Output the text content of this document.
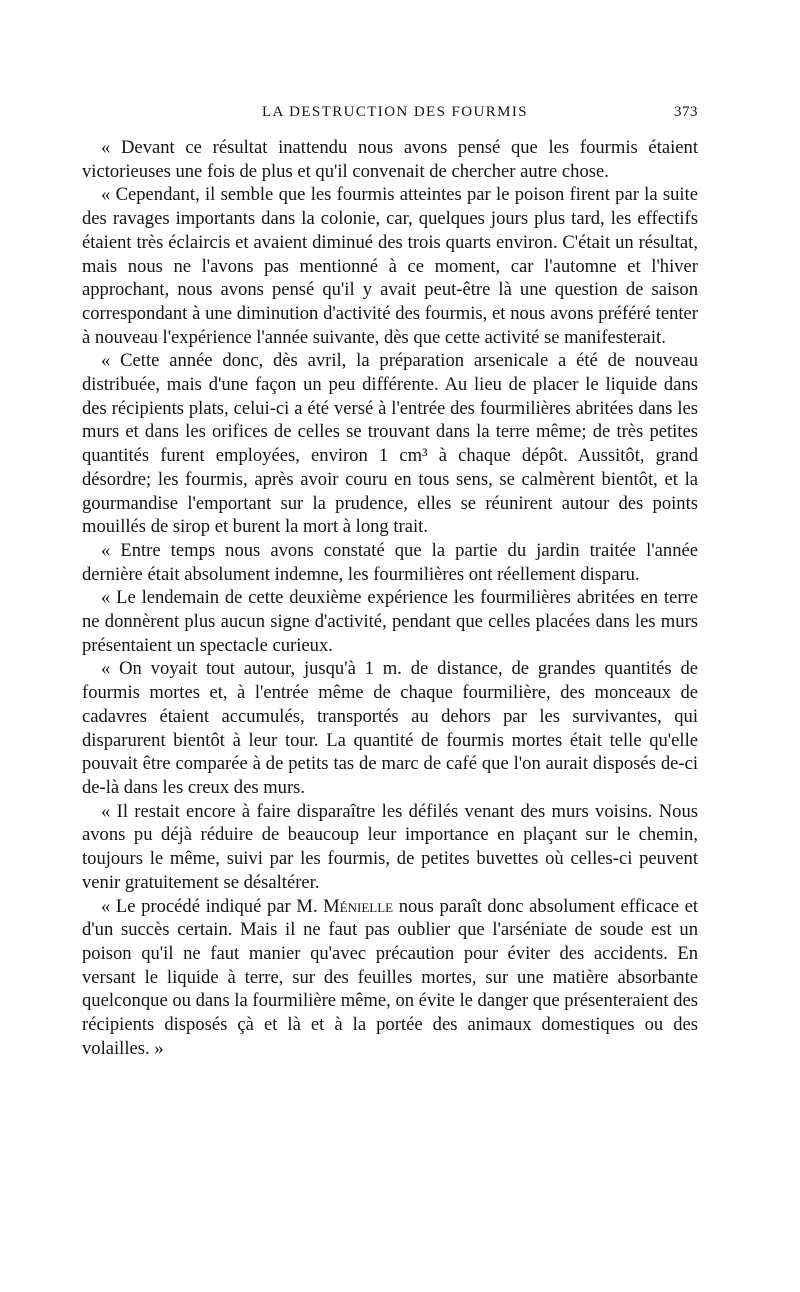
LA DESTRUCTION DES FOURMIS	373

« Devant ce résultat inattendu nous avons pensé que les fourmis étaient victorieuses une fois de plus et qu'il convenait de chercher autre chose.

« Cependant, il semble que les fourmis atteintes par le poison firent par la suite des ravages importants dans la colonie, car, quelques jours plus tard, les effectifs étaient très éclaircis et avaient diminué des trois quarts environ. C'était un résultat, mais nous ne l'avons pas mentionné à ce moment, car l'automne et l'hiver approchant, nous avons pensé qu'il y avait peut-être là une question de saison correspondant à une diminution d'activité des fourmis, et nous avons préféré tenter à nouveau l'expérience l'année suivante, dès que cette activité se manifesterait.

« Cette année donc, dès avril, la préparation arsenicale a été de nouveau distribuée, mais d'une façon un peu différente. Au lieu de placer le liquide dans des récipients plats, celui-ci a été versé à l'entrée des fourmilières abritées dans les murs et dans les orifices de celles se trouvant dans la terre même; de très petites quantités furent employées, environ 1 cm³ à chaque dépôt. Aussitôt, grand désordre; les fourmis, après avoir couru en tous sens, se calmèrent bientôt, et la gourmandise l'emportant sur la prudence, elles se réunirent autour des points mouillés de sirop et burent la mort à long trait.

« Entre temps nous avons constaté que la partie du jardin traitée l'année dernière était absolument indemne, les fourmilières ont réellement disparu.

« Le lendemain de cette deuxième expérience les fourmilières abritées en terre ne donnèrent plus aucun signe d'activité, pendant que celles placées dans les murs présentaient un spectacle curieux.

« On voyait tout autour, jusqu'à 1 m. de distance, de grandes quantités de fourmis mortes et, à l'entrée même de chaque fourmilière, des monceaux de cadavres étaient accumulés, transportés au dehors par les survivantes, qui disparurent bientôt à leur tour. La quantité de fourmis mortes était telle qu'elle pouvait être comparée à de petits tas de marc de café que l'on aurait disposés de-ci de-là dans les creux des murs.

« Il restait encore à faire disparaître les défilés venant des murs voisins. Nous avons pu déjà réduire de beaucoup leur importance en plaçant sur le chemin, toujours le même, suivi par les fourmis, de petites buvettes où celles-ci peuvent venir gratuitement se désaltérer.

« Le procédé indiqué par M. Ménielle nous paraît donc absolument efficace et d'un succès certain. Mais il ne faut pas oublier que l'arséniate de soude est un poison qu'il ne faut manier qu'avec précaution pour éviter des accidents. En versant le liquide à terre, sur des feuilles mortes, sur une matière absorbante quelconque ou dans la fourmilière même, on évite le danger que présenteraient des récipients disposés çà et là et à la portée des animaux domestiques ou des volailles. »
